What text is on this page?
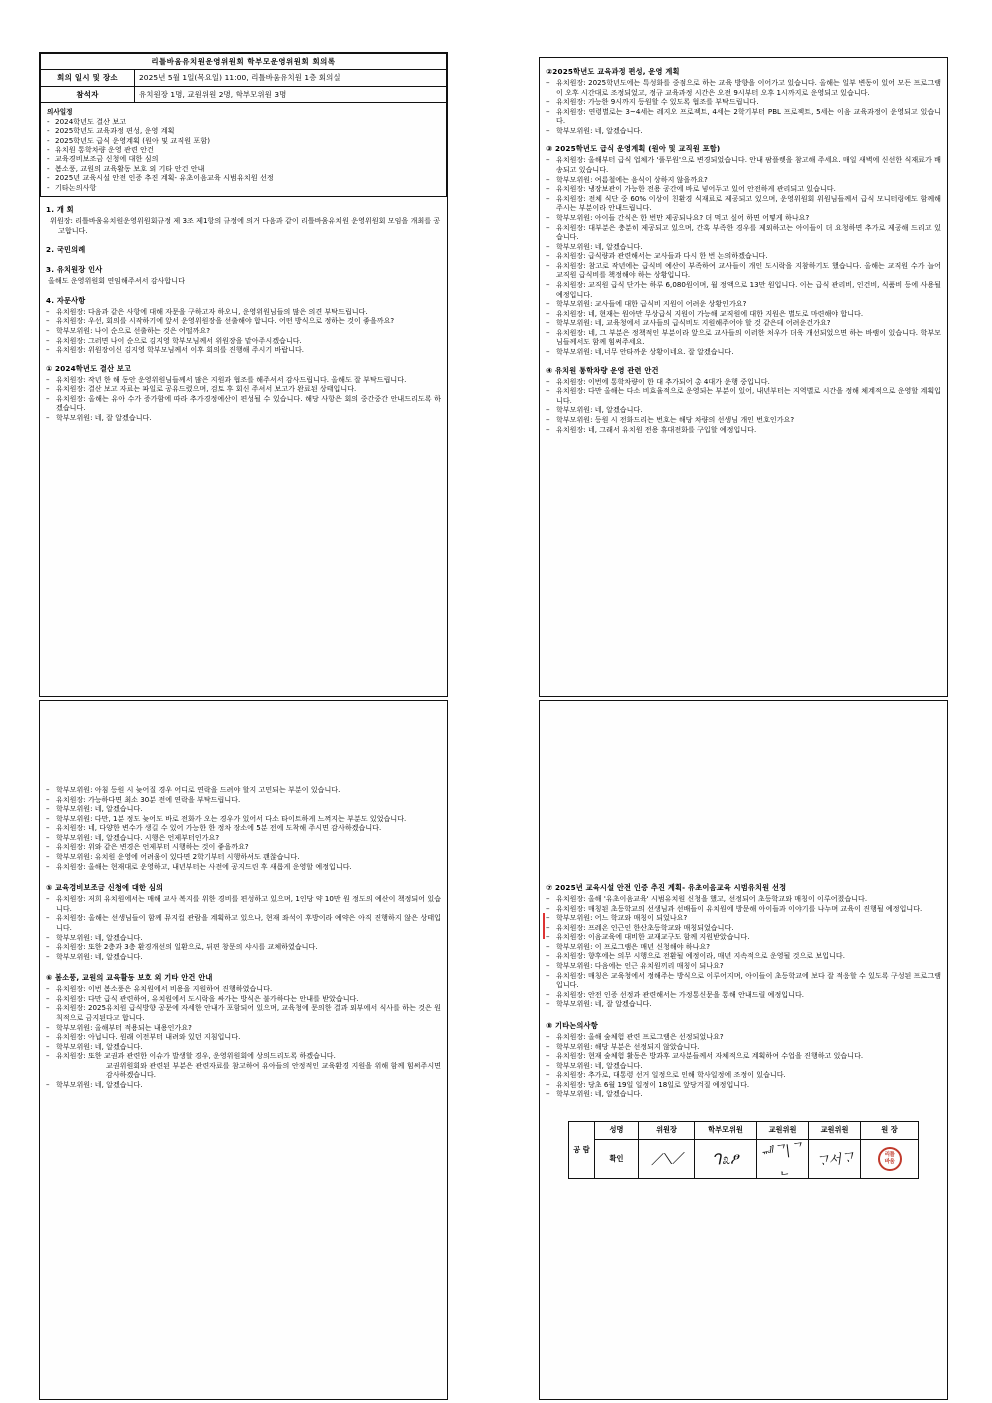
리틀바움유치원운영위원회 학부모운영위원회 회의록	
회의 일시 및 장소	2025년 5월 1일(목요일) 11:00, 리틀바움유치원 1층 회의실
참석자	유치원장 1명, 교원위원 2명, 학부모위원 3명
의사일정
- 2024학년도 결산 보고
- 2025학년도 교육과정 편성, 운영 계획
- 2025학년도 급식 운영계획 (원아 및 교직원 포함)
- 유치원 통학차량 운영 관련 안건
- 교육경비보조금 신청에 대한 심의
- 봄소풍, 교원의 교육활동 보호 외 기타 안건 안내
- 2025년 교육시설 안전 인증 추진 계획- 유초이음교육 시범유치원 선정
- 기타논의사항
1. 개 회

위원장: 리틀바움유치원운영위원회규정 제 3조 제1항의 규정에 의거 다음과 같이 리틀바움유치원 운영위원회 모임을 개최를 공고합니다.

2. 국민의례
3. 유치원장 인사

올해도 운영위원회 연임해주셔서 감사합니다

4. 자문사항
– 유치원장: 다음과 같은 사항에 대해 자문을 구하고자 하오니, 운영위원님들의 많은 의견 부탁드립니다.
– 유치원장: 우선, 회의를 시작하기에 앞서 운영위원장을 선출해야 합니다. 어떤 방식으로 정하는 것이 좋을까요?
– 학부모위원: 나이 순으로 선출하는 것은 어떨까요?
– 유치원장: 그러면 나이 순으로 김지영 학부모님께서 위원장을 맡아주시겠습니다.
– 유치원장: 위원장이신 김지영 학부모님께서 이후 회의를 진행해 주시기 바랍니다.
① 2024학년도 결산 보고
– 유치원장: 작년 한 해 동안 운영위원님들께서 많은 지원과 협조를 해주셔서 감사드립니다. 올해도 잘 부탁드립니다.
– 유치원장: 결산 보고 자료는 파일로 공유드렸으며, 검토 후 회신 주셔서 보고가 완료된 상태입니다.
– 유치원장: 올해는 유아 수가 증가함에 따라 추가경정예산이 편성될 수 있습니다. 해당 사항은 회의 중간중간 안내드리도록 하겠습니다.
– 학부모위원: 네, 잘 알겠습니다.
②2025학년도 교육과정 편성, 운영 계획
– 유치원장: 2025학년도에는 특성화를 중점으로 하는 교육 방향을 이어가고 있습니다. 올해는 일부 변동이 있어 모든 프로그램이 오후 시간대로 조정되었고, 정규 교육과정 시간은 오전 9시부터 오후 1시까지로 운영되고 있습니다.
– 유치원장: 가능한 9시까지 등원할 수 있도록 협조를 부탁드립니다.
– 유치원장: 연령별로는 3~4세는 레지오 프로젝트, 4세는 2학기부터 PBL 프로젝트, 5세는 이음 교육과정이 운영되고 있습니다.
– 학부모위원: 네, 알겠습니다.
③ 2025학년도 급식 운영계획 (원아 및 교직원 포함)
– 유치원장: 올해부터 급식 업체가 '풀무원'으로 변경되었습니다. 안내 팜플렛을 참고해 주세요. 매일 새벽에 신선한 식재료가 배송되고 있습니다.
– 학부모위원: 여름철에는 음식이 상하지 않을까요?
– 유치원장: 냉장보관이 가능한 전용 공간에 바로 넣어두고 있어 안전하게 관리되고 있습니다.
– 유치원장: 전체 식단 중 60% 이상이 친환경 식재료로 제공되고 있으며, 운영위원회 위원님들께서 급식 모니터링에도 함께해 주시는 부분이라 안내드립니다.
– 학부모위원: 아이들 간식은 한 번만 제공되나요? 더 먹고 싶어 하면 어떻게 하나요?
– 유치원장: 대부분은 충분히 제공되고 있으며, 간혹 부족한 경우를 제외하고는 아이들이 더 요청하면 추가로 제공해 드리고 있습니다.
– 학부모위원: 네, 알겠습니다.
– 유치원장: 급식량과 관련해서는 교사들과 다시 한 번 논의하겠습니다.
– 유치원장: 참고로 작년에는 급식비 예산이 부족하여 교사들이 개인 도시락을 지참하기도 했습니다. 올해는 교직원 수가 늘어 교직원 급식비를 책정해야 하는 상황입니다.
– 유치원장: 교직원 급식 단가는 하루 6,080원이며, 월 정액으로 13만 원입니다. 이는 급식 관리비, 인건비, 식품비 등에 사용될 예정입니다.
– 학부모위원: 교사들에 대한 급식비 지원이 어려운 상황인가요?
– 유치원장: 네, 현재는 원아만 무상급식 지원이 가능해 교직원에 대한 지원은 별도로 마련해야 합니다.
– 학부모위원: 네, 교육청에서 교사들의 급식비도 지원해주어야 할 것 같은데 어려운건가요?
– 유치원장: 네, 그 부분은 정책적인 부분이라 앞으로 교사들의 이러한 처우가 더욱 개선되었으면 하는 바램이 있습니다. 학부모님들께서도 함께 힘써주세요.
– 학부모위원: 네,너무 안타까운 상황이네요. 잘 알겠습니다.
④ 유치원 통학차량 운영 관련 안건
– 유치원장: 이번에 통학차량이 한 대 추가되어 총 4대가 운행 중입니다.
– 유치원장: 다만 올해는 다소 비효율적으로 운영되는 부분이 있어, 내년부터는 지역별로 시간을 정해 체계적으로 운영할 계획입니다.
– 학부모위원: 네, 알겠습니다.
– 학부모위원: 등원 시 전화드리는 번호는 해당 차량의 선생님 개인 번호인가요?
– 유치원장: 네, 그래서 유치원 전용 휴대전화를 구입할 예정입니다.
– 학부모위원: 아침 등원 시 늦어질 경우 어디로 연락을 드려야 할지 고민되는 부분이 있습니다.
– 유치원장: 가능하다면 최소 30분 전에 연락을 부탁드립니다.
– 학부모위원: 네, 알겠습니다.
– 학부모위원: 다만, 1분 정도 늦어도 바로 전화가 오는 경우가 있어서 다소 타이트하게 느껴지는 부분도 있었습니다.
– 유치원장: 네, 다양한 변수가 생길 수 있어 가능한 한 정차 장소에 5분 전에 도착해 주시면 감사하겠습니다.
– 학부모위원: 네, 알겠습니다. 시행은 언제부터인가요?
– 유치원장: 위와 같은 변경은 언제부터 시행하는 것이 좋을까요?
– 학부모위원: 유치원 운영에 어려움이 있다면 2학기부터 시행하셔도 괜찮습니다.
– 유치원장: 올해는 현재대로 운영하고, 내년부터는 사전에 공지드린 후 새롭게 운영할 예정입니다.
⑤ 교육경비보조금 신청에 대한 심의
– 유치원장: 저희 유치원에서는 매해 교사 복지를 위한 경비를 편성하고 있으며, 1인당 약 10만 원 정도의 예산이 책정되어 있습니다.
– 유치원장: 올해는 선생님들이 함께 뮤지컬 관람을 계획하고 있으나, 현재 좌석이 후방이라 예약은 아직 진행하지 않은 상태입니다.
– 학부모위원: 네, 알겠습니다.
– 유치원장: 또한 2층과 3층 환경개선의 일환으로, 뒤편 창문의 샤시를 교체하였습니다.
– 학부모위원: 네, 알겠습니다.
⑥ 봄소풍, 교원의 교육활동 보호 외 기타 안건 안내
– 유치원장: 이번 봄소풍은 유치원에서 비용을 지원하여 진행하였습니다.
– 유치원장: 다만 급식 관련하여, 유치원에서 도시락을 싸가는 방식은 불가하다는 안내를 받았습니다.
– 유치원장: 2025유치원 급식방향 공문에 자세한 안내가 포함되어 있으며, 교육청에 문의한 결과 외부에서 식사를 하는 것은 원칙적으로 금지된다고 합니다.
– 학부모위원: 올해부터 적용되는 내용인가요?
– 유치원장: 아닙니다. 원래 이전부터 내려와 있던 지침입니다.
– 학부모위원: 네, 알겠습니다.
– 유치원장: 또한 교권과 관련한 이슈가 발생할 경우, 운영위원회에 상의드리도록 하겠습니다.
교권위원회와 관련된 부분은 관련자료를 참고하여 유아들의 안정적인 교육환경 지원을 위해 함께 힘써주시면 감사하겠습니다.
– 학부모위원: 네, 알겠습니다.
⑦ 2025년 교육시설 안전 인증 추진 계획- 유초이음교육 시범유치원 선정
– 유치원장: 올해 '유초이음교육' 시범유치원 신청을 했고, 선정되어 초등학교와 매칭이 이루어졌습니다.
– 유치원장: 매칭된 초등학교의 선생님과 선배들이 유치원에 방문해 아이들과 이야기를 나누며 교육이 진행될 예정입니다.
– 학부모위원: 어느 학교와 매칭이 되었나요?
– 유치원장: 프레온 인근인 한산초등학교와 매칭되었습니다.
– 유치원장: 이음교육에 대비한 교재교구도 함께 지원받았습니다.
– 학부모위원: 이 프로그램은 매년 신청해야 하나요?
– 유치원장: 향후에는 의무 시행으로 전환될 예정이라, 매년 지속적으로 운영될 것으로 보입니다.
– 학부모위원: 다음에는 인근 유치원끼리 매칭이 되나요?
– 유치원장: 매칭은 교육청에서 정해주는 방식으로 이루어지며, 아이들이 초등학교에 보다 잘 적응할 수 있도록 구성된 프로그램입니다.
– 유치원장: 안전 인증 선정과 관련해서는 가정통신문을 통해 안내드릴 예정입니다.
– 학부모위원: 네, 잘 알겠습니다.
⑧ 기타논의사항
– 유치원장: 올해 숲체험 관련 프로그램은 선정되었나요?
– 학부모위원: 해당 부분은 선정되지 않았습니다.
– 유치원장: 현재 숲체험 활동은 방과후 교사분들께서 자체적으로 계획하여 수업을 진행하고 있습니다.
– 학부모위원: 네, 알겠습니다.
– 유치원장: 추가로, 대통령 선거 일정으로 인해 학사일정에 조정이 있습니다.
– 유치원장: 당초 6월 19일 일정이 18일로 앞당겨질 예정입니다.
– 학부모위원: 네, 알겠습니다.
공 람	성명	위원장	학부모위원	교원위원	교원위원	원 장
	확인	⟋⟍⟋	ᒉ೩ፆ	ᆐᄀ|ᄀᆫ	ᄀᆞ서ᄀᆞ	리틀
바움
